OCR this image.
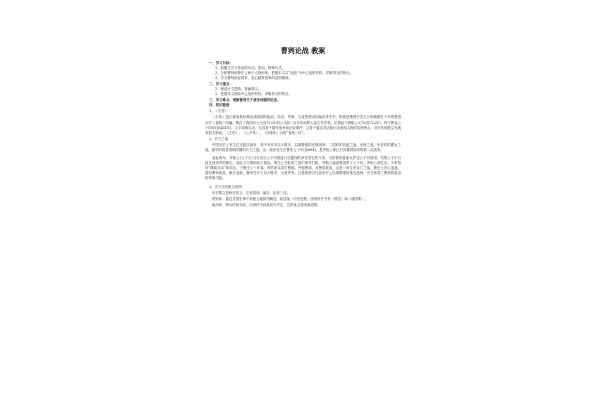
曹刿论战 教案
一、学习目标：
1、积累文言文常用的实词、虚词、特殊句式。
2、分析曹刿和鲁庄公两个人物形象，把握本文以“论战”为中心组织材料，详略得当的特点。
3、学习曹刿热爱国家、忠心献策国家的爱国精神。
二、学习重点：
1、理清行文思路、背诵课文。
2、把握本文围绕中心组织材料，详略得当的特点。
三、学习难点：理解曹刿关于战争问题的论述。
四、知识链接
1、《左传》
《左传》是记载春秋时期各诸侯国的政治、经济、军事、文化等情况的编年体史书。相传是鲁国史官左丘明根据孔子写的鲁国历史《春秋》所编，保存了我国自公元前722年到公元前二百多年间的大量古代史料。记事起于鲁隐公元年(前722年)，终于鲁哀公十四年(前454年)，文字简练生动，尤其善于描写战争和记叙事件，又善于通过对话和行动表现人物的性格特点，对后代的散文发展有很大影响。《左传》、《公羊传》、《谷梁传》合称“春秋三传”。
2、长勺之战
中国历史上发生过无数次战争，其中有许多以少胜多，以弱胜强的光辉战例：三国时的官渡之战、赤壁之战，东晋时的淝水之战，最早的则是春秋时期的长勺之战。这一战争发生在鲁庄公十年(前684)，是齐桓公即位后向鲁国发动的第二次战争。
前此两年，齐桓公(公子小白)与其兄公子纠曾进行过激烈的争夺君位的斗争，当时鲁国曾派兵护送公子纠回国，结果公子小白抢先回到齐国即位，因此又与鲁国结下冤仇。鲁庄公在乾时之战中被齐打败，齐桓公逼迫鲁国杀了公子纠。齐桓公即位后，不听管仲“修政自治”的劝告，于鲁庄公十年春，悍然派兵攻打鲁国。齐强鲁弱，对鲁国来说，这是一场生死存亡之战，鲁庄公决心迎战，遂有曹刿请见，献计迎敌，鲁军在长勺以少胜多，大败齐军。这是我国古代战争史上以弱胜强的著名战例，充分体现了曹刿的政治和军事才能。
3、关于历史散文体例
历史散文依称史传文，它有国别、编年、纪传三体。
国别体：通过各国史事个别独立地排列概述，叙述某一历史进程。国别体史书有《国语》和《战国策》。
编年体：即以时间为经，以事件为纬来叙写史实，它的优点是线索清楚。
